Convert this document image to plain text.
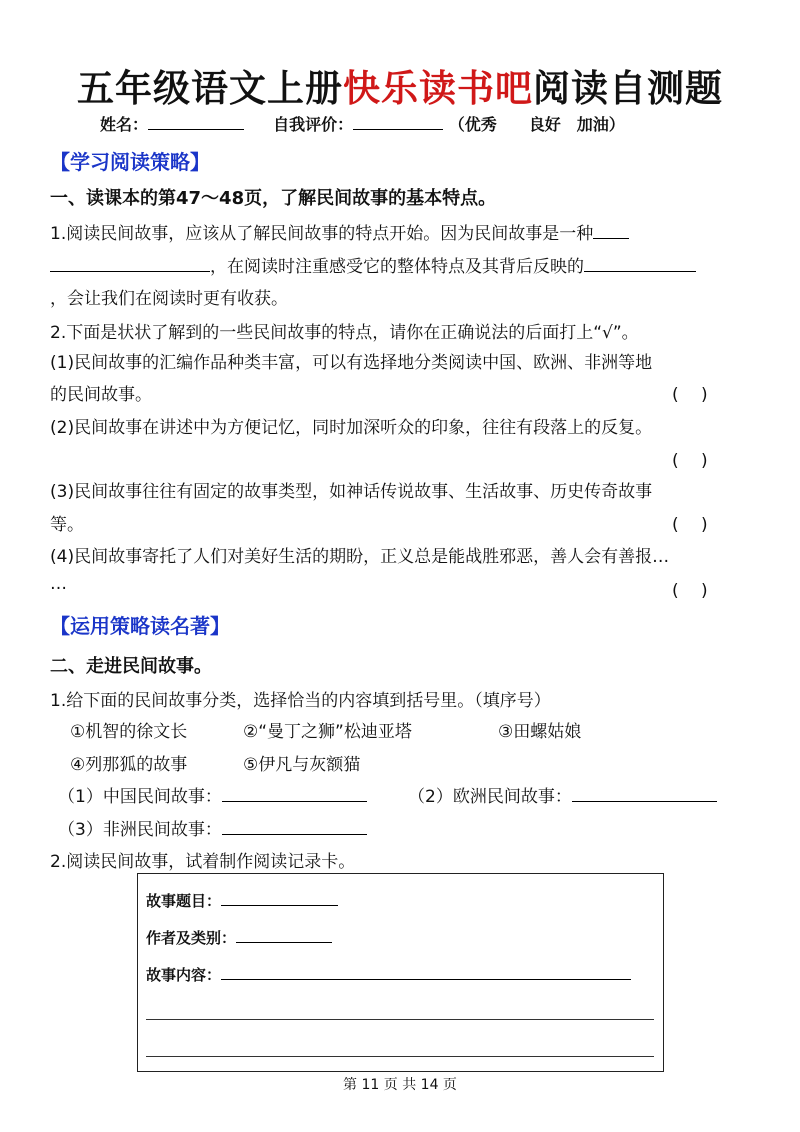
五年级语文上册快乐读书吧阅读自测题
姓名：	自我评价：	（优秀　　良好　加油）
【学习阅读策略】
一、读课本的第47～48页，了解民间故事的基本特点。
1.阅读民间故事，应该从了解民间故事的特点开始。因为民间故事是一种
，在阅读时注重感受它的整体特点及其背后反映的
，会让我们在阅读时更有收获。
2.下面是状状了解到的一些民间故事的特点，请你在正确说法的后面打上“√”。
(1)民间故事的汇编作品种类丰富，可以有选择地分类阅读中国、欧洲、非洲等地
的民间故事。	(　 )
(2)民间故事在讲述中为方便记忆，同时加深听众的印象，往往有段落上的反复。
(　 )
(3)民间故事往往有固定的故事类型，如神话传说故事、生活故事、历史传奇故事
等。	(　 )
(4)民间故事寄托了人们对美好生活的期盼，正义总是能战胜邪恶，善人会有善报…
…	(　 )
【运用策略读名著】
二、走进民间故事。
1.给下面的民间故事分类，选择恰当的内容填到括号里。（填序号）
①机智的徐文长	②“曼丁之狮”松迪亚塔	③田螺姑娘
④列那狐的故事	⑤伊凡与灰额猫
（1）中国民间故事：	（2）欧洲民间故事：
（3）非洲民间故事：
2.阅读民间故事，试着制作阅读记录卡。
故事题目：
作者及类别：
故事内容：
第 11 页 共 14 页
